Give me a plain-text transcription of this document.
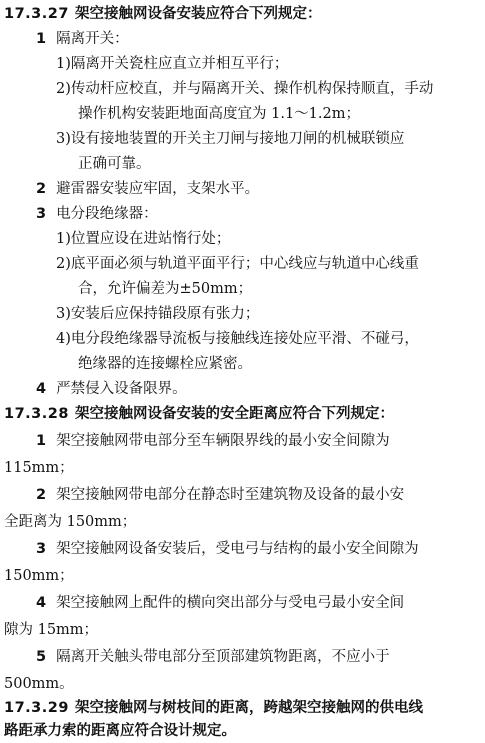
17.3.27 架空接触网设备安装应符合下列规定：
1 隔离开关：
1)隔离开关瓷柱应直立并相互平行；
2)传动杆应校直，并与隔离开关、操作机构保持顺直，手动
操作机构安装距地面高度宜为 1.1～1.2m；
3)设有接地装置的开关主刀闸与接地刀闸的机械联锁应
正确可靠。
2 避雷器安装应牢固，支架水平。
3 电分段绝缘器：
1)位置应设在进站惰行处；
2)底平面必须与轨道平面平行；中心线应与轨道中心线重
合，允许偏差为±50mm；
3)安装后应保持锚段原有张力；
4)电分段绝缘器导流板与接触线连接处应平滑、不碰弓，
绝缘器的连接螺栓应紧密。
4 严禁侵入设备限界。
17.3.28 架空接触网设备安装的安全距离应符合下列规定：
1 架空接触网带电部分至车辆限界线的最小安全间隙为
115mm；
2 架空接触网带电部分在静态时至建筑物及设备的最小安
全距离为 150mm；
3 架空接触网设备安装后，受电弓与结构的最小安全间隙为
150mm；
4 架空接触网上配件的横向突出部分与受电弓最小安全间
隙为 15mm；
5 隔离开关触头带电部分至顶部建筑物距离，不应小于
500mm。
17.3.29 架空接触网与树枝间的距离，跨越架空接触网的供电线
路距承力索的距离应符合设计规定。
